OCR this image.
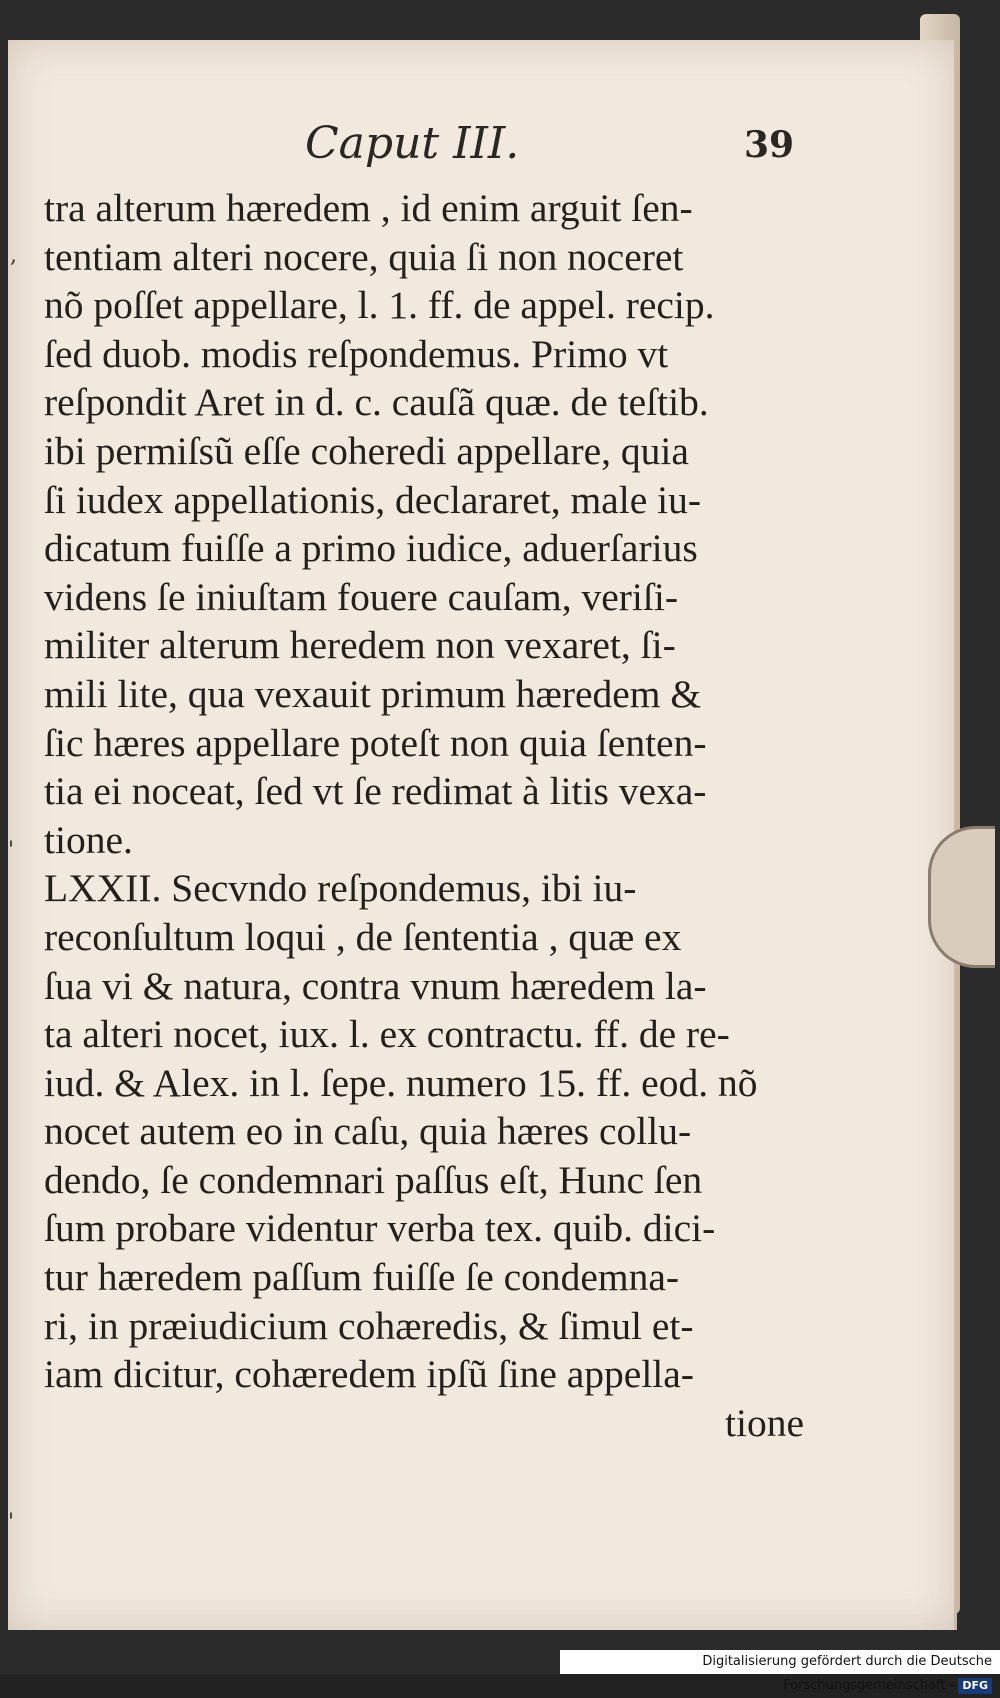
Caput III.	39
,
'
'
tra alterum hæredem , id enim arguit ſen-
tentiam alteri nocere, quia ſi non noceret
nõ poſſet appellare, l. 1. ff. de appel. recip.
ſed duob. modis reſpondemus. Primo vt
reſpondit Aret in d. c. cauſã quæ. de teſtib.
ibi permiſsũ eſſe coheredi appellare, quia
ſi iudex appellationis, declararet, male iu-
dicatum fuiſſe a primo iudice, aduerſarius
videns ſe iniuſtam fouere cauſam, veriſi-
militer alterum heredem non vexaret, ſi-
mili lite, qua vexauit primum hæredem &
ſic hæres appellare poteſt non quia ſenten-
tia ei noceat, ſed vt ſe redimat à litis vexa-
tione.
LXXII. Secvndo reſpondemus, ibi iu-
reconſultum loqui , de ſententia , quæ ex
ſua vi & natura, contra vnum hæredem la-
ta alteri nocet, iux. l. ex contractu. ff. de re-
iud. & Alex. in l. ſepe. numero 15. ff. eod. nõ
nocet autem eo in caſu, quia hæres collu-
dendo, ſe condemnari paſſus eſt, Hunc ſen
ſum probare videntur verba tex. quib. dici-
tur hæredem paſſum fuiſſe ſe condemna-
ri, in præiudicium cohæredis, & ſimul et-
iam dicitur, cohæredem ipſũ ſine appella-
tione
Digitalisierung gefördert durch die Deutsche Forschungsgemeinschaft - DFG
